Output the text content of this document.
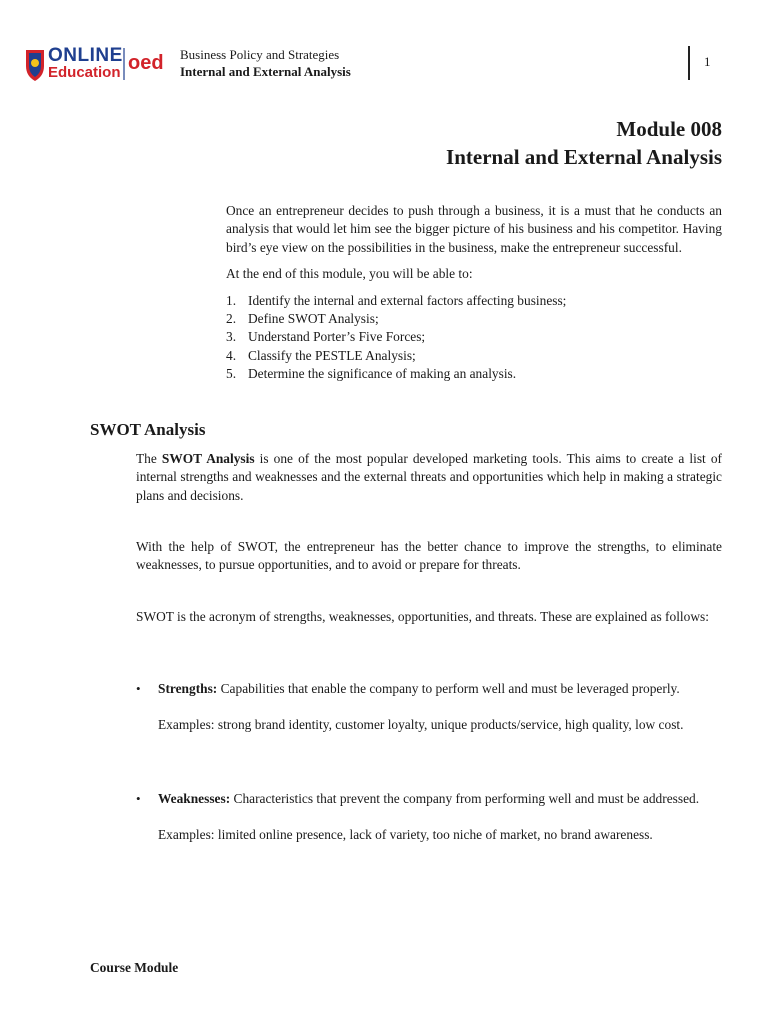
ONLINE
Education oed Business Policy and Strategies
Internal and External Analysis
1
Module 008
Internal and External Analysis

Once an entrepreneur decides to push through a business, it is a must that he conducts an analysis that would let him see the bigger picture of his business and his competitor. Having bird’s eye view on the possibilities in the business, make the entrepreneur successful.

At the end of this module, you will be able to:

1. Identify the internal and external factors affecting business;
2. Define SWOT Analysis;
3. Understand Porter’s Five Forces;
4. Classify the PESTLE Analysis;
5. Determine the significance of making an analysis.
SWOT Analysis

The SWOT Analysis is one of the most popular developed marketing tools. This aims to create a list of internal strengths and weaknesses and the external threats and opportunities which help in making a strategic plans and decisions.

With the help of SWOT, the entrepreneur has the better chance to improve the strengths, to eliminate weaknesses, to pursue opportunities, and to avoid or prepare for threats.

SWOT is the acronym of strengths, weaknesses, opportunities, and threats. These are explained as follows:

•	Strengths: Capabilities that enable the company to perform well and must be leveraged properly.

Examples: strong brand identity, customer loyalty, unique products/service, high quality, low cost.

•	Weaknesses: Characteristics that prevent the company from performing well and must be addressed.

Examples: limited online presence, lack of variety, too niche of market, no brand awareness.

Course Module
